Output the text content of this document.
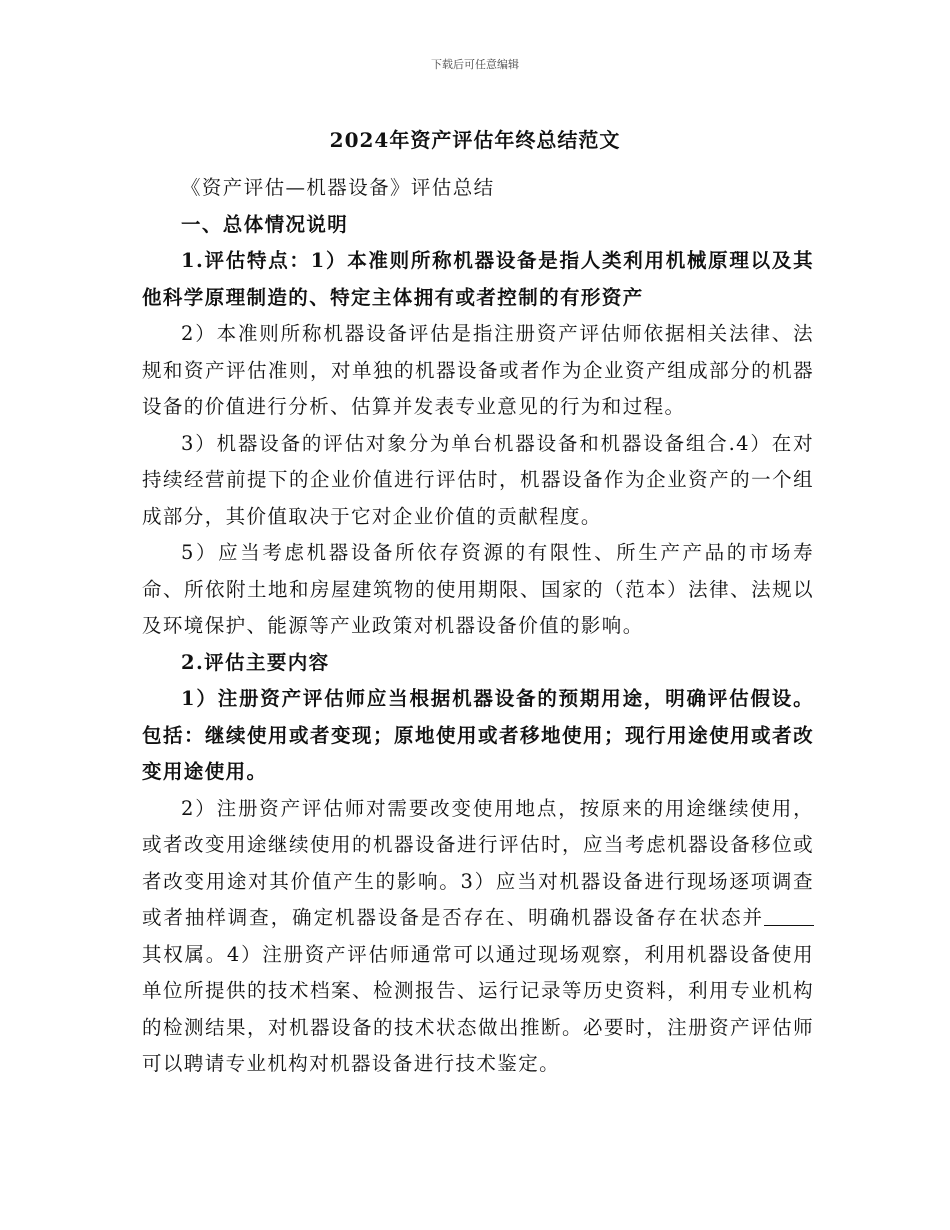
下载后可任意编辑
2024年资产评估年终总结范文

《资产评估—机器设备》评估总结

一、总体情况说明

1.评估特点：1）本准则所称机器设备是指人类利用机械原理以及其他科学原理制造的、特定主体拥有或者控制的有形资产

2）本准则所称机器设备评估是指注册资产评估师依据相关法律、法规和资产评估准则，对单独的机器设备或者作为企业资产组成部分的机器设备的价值进行分析、估算并发表专业意见的行为和过程。

3）机器设备的评估对象分为单台机器设备和机器设备组合.4）在对持续经营前提下的企业价值进行评估时，机器设备作为企业资产的一个组成部分，其价值取决于它对企业价值的贡献程度。

5）应当考虑机器设备所依存资源的有限性、所生产产品的市场寿命、所依附土地和房屋建筑物的使用期限、国家的（范本）法律、法规以及环境保护、能源等产业政策对机器设备价值的影响。

2.评估主要内容

1）注册资产评估师应当根据机器设备的预期用途，明确评估假设。包括：继续使用或者变现；原地使用或者移地使用；现行用途使用或者改变用途使用。

2）注册资产评估师对需要改变使用地点，按原来的用途继续使用，或者改变用途继续使用的机器设备进行评估时，应当考虑机器设备移位或者改变用途对其价值产生的影响。3）应当对机器设备进行现场逐项调查或者抽样调查，确定机器设备是否存在、明确机器设备存在状态并其权属。4）注册资产评估师通常可以通过现场观察，利用机器设备使用单位所提供的技术档案、检测报告、运行记录等历史资料，利用专业机构的检测结果，对机器设备的技术状态做出推断。必要时，注册资产评估师可以聘请专业机构对机器设备进行技术鉴定。
